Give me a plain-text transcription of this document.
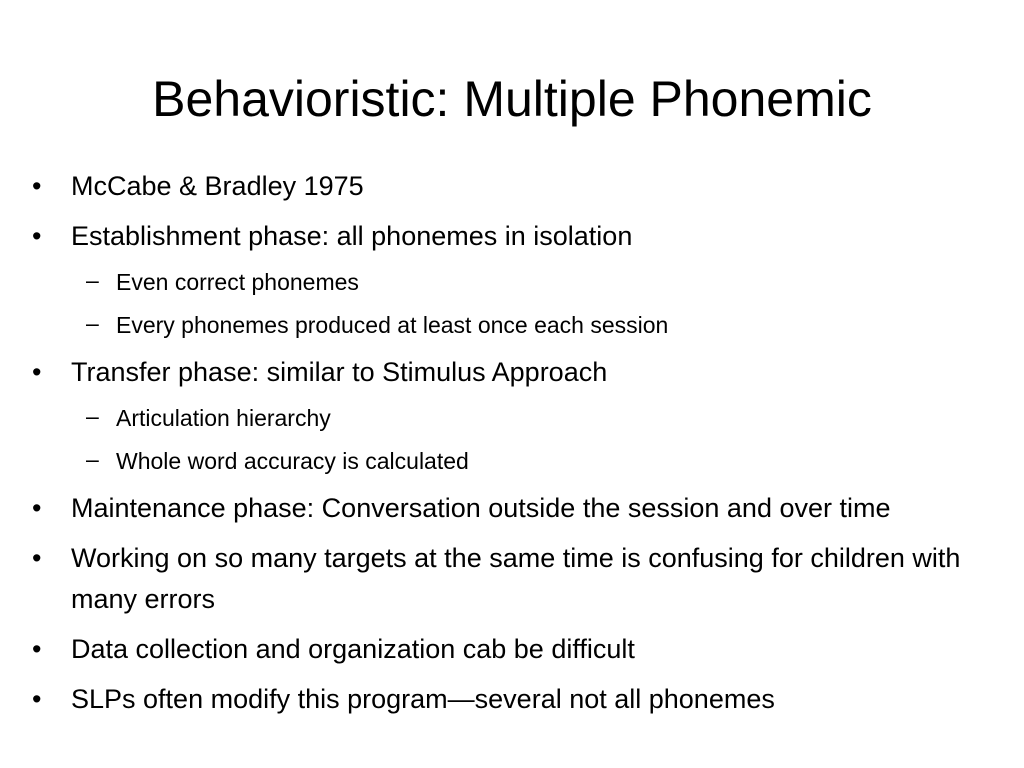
Behavioristic: Multiple Phonemic
• McCabe & Bradley 1975
• Establishment phase: all phonemes in isolation
– Even correct phonemes
– Every phonemes produced at least once each session
• Transfer phase: similar to Stimulus Approach
– Articulation hierarchy
– Whole word accuracy is calculated
• Maintenance phase: Conversation outside the session and over time
• Working on so many targets at the same time is confusing for children with many errors
• Data collection and organization cab be difficult
• SLPs often modify this program—several not all phonemes
